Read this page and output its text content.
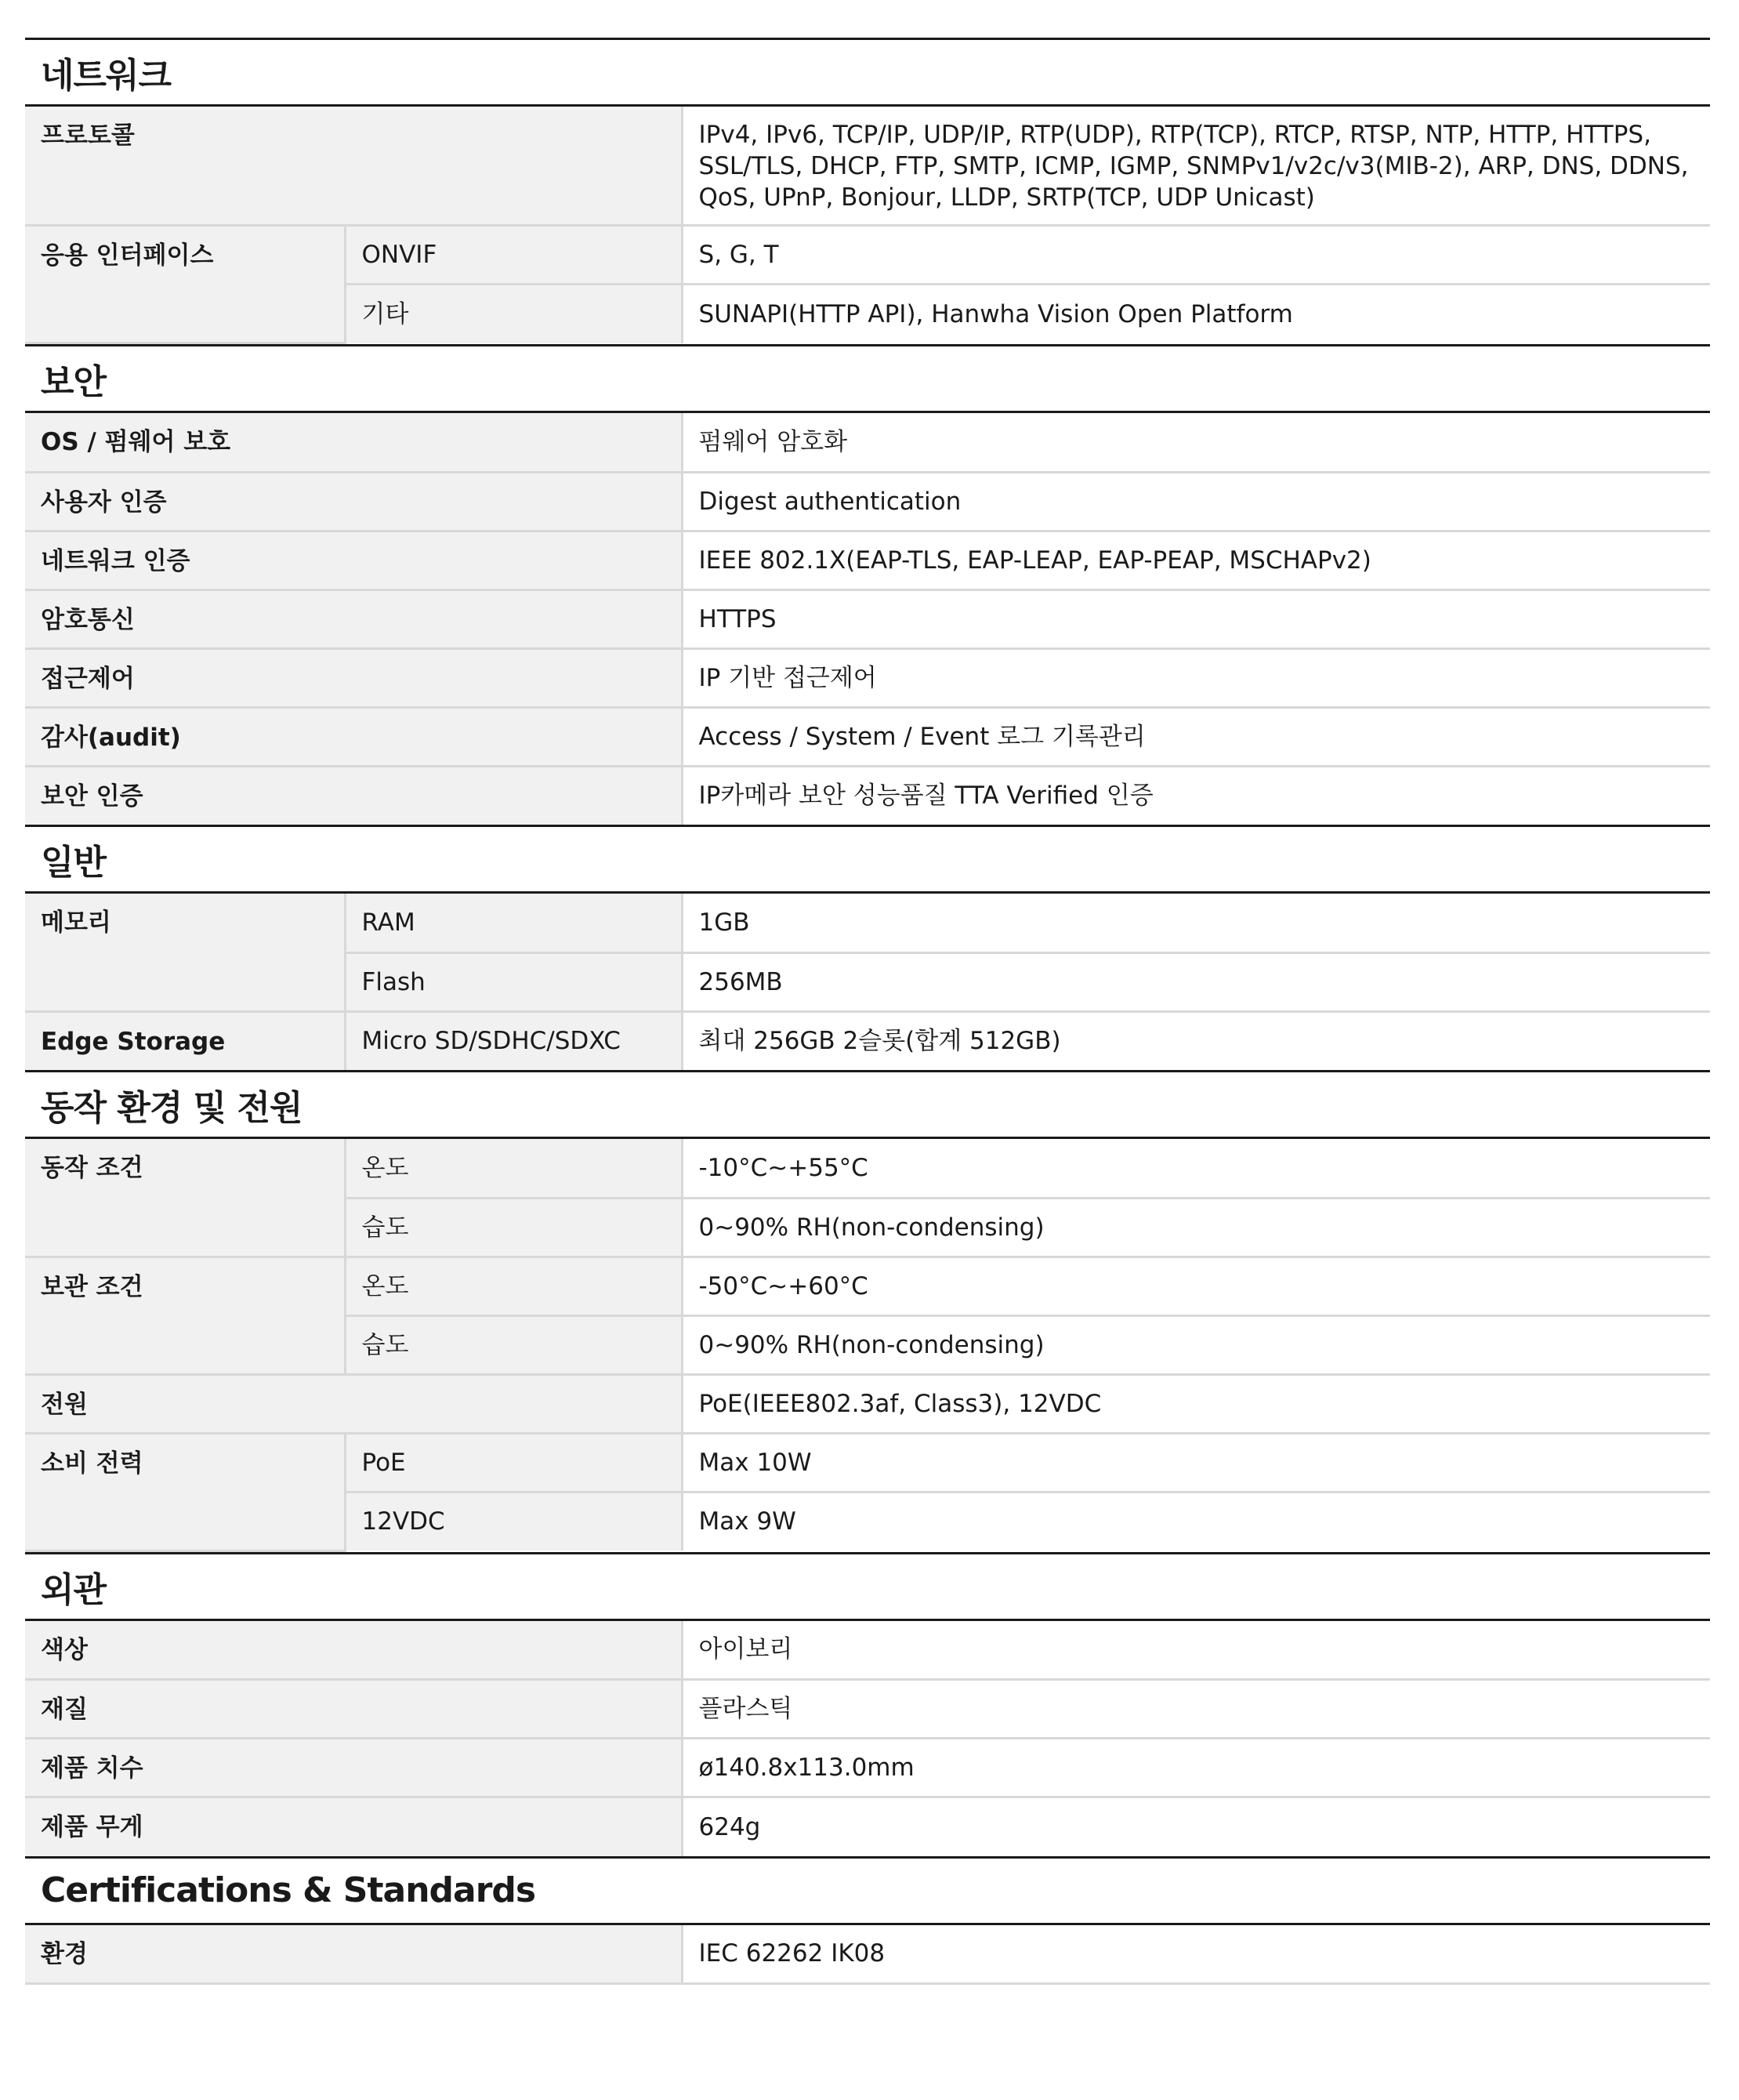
네트워크
프로토콜		IPv4, IPv6, TCP/IP, UDP/IP, RTP(UDP), RTP(TCP), RTCP, RTSP, NTP, HTTP, HTTPS, SSL/TLS, DHCP, FTP, SMTP, ICMP, IGMP, SNMPv1/v2c/v3(MIB-2), ARP, DNS, DDNS, QoS, UPnP, Bonjour, LLDP, SRTP(TCP, UDP Unicast)
응용 인터페이스	ONVIF	S, G, T
	기타	SUNAPI(HTTP API), Hanwha Vision Open Platform
보안
OS / 펌웨어 보호	펌웨어 암호화
사용자 인증	Digest authentication
네트워크 인증	IEEE 802.1X(EAP-TLS, EAP-LEAP, EAP-PEAP, MSCHAPv2)
암호통신	HTTPS
접근제어	IP 기반 접근제어
감사(audit)	Access / System / Event 로그 기록관리
보안 인증	IP카메라 보안 성능품질 TTA Verified 인증
일반
메모리	RAM	1GB
	Flash	256MB
Edge Storage	Micro SD/SDHC/SDXC	최대 256GB 2슬롯(합계 512GB)
동작 환경 및 전원
동작 조건	온도	-10°C~+55°C
	습도	0~90% RH(non-condensing)
보관 조건	온도	-50°C~+60°C
	습도	0~90% RH(non-condensing)
전원		PoE(IEEE802.3af, Class3), 12VDC
소비 전력	PoE	Max 10W
	12VDC	Max 9W
외관
색상	아이보리
재질	플라스틱
제품 치수	ø140.8x113.0mm
제품 무게	624g
Certifications & Standards
환경	IEC 62262 IK08
